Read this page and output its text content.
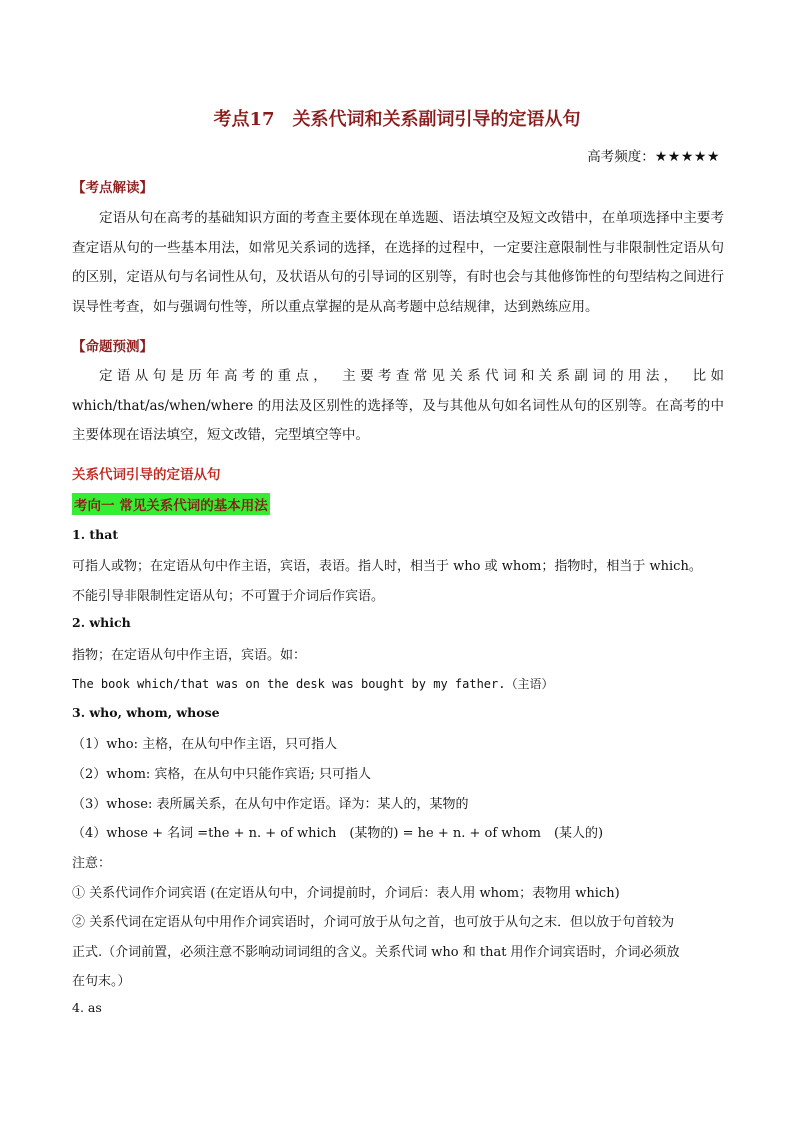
考点17　关系代词和关系副词引导的定语从句
高考频度：★★★★★
【考点解读】

定语从句在高考的基础知识方面的考查主要体现在单选题、语法填空及短文改错中，在单项选择中主要考查定语从句的一些基本用法，如常见关系词的选择，在选择的过程中，一定要注意限制性与非限制性定语从句的区别，定语从句与名词性从句，及状语从句的引导词的区别等，有时也会与其他修饰性的句型结构之间进行误导性考查，如与强调句性等，所以重点掌握的是从高考题中总结规律，达到熟练应用。

【命题预测】

定语从句是历年高考的重点，　主要考查常见关系代词和关系副词的用法，　比如 which/that/as/when/where 的用法及区别性的选择等，及与其他从句如名词性从句的区别等。在高考的中主要体现在语法填空，短文改错，完型填空等中。

关系代词引导的定语从句
考向一 常见关系代词的基本用法
1. that

可指人或物；在定语从句中作主语，宾语，表语。指人时，相当于 who 或 whom；指物时，相当于 which。

不能引导非限制性定语从句；不可置于介词后作宾语。

2. which

指物；在定语从句中作主语，宾语。如：

The book which/that was on the desk was bought by my father.（主语）

3. who, whom, whose

（1）who: 主格，在从句中作主语，只可指人

（2）whom: 宾格，在从句中只能作宾语; 只可指人

（3）whose: 表所属关系，在从句中作定语。译为：某人的，某物的

（4）whose + 名词 =the + n. + of which　(某物的) = he + n. + of whom　(某人的)

注意：

① 关系代词作介词宾语 (在定语从句中，介词提前时，介词后：表人用 whom；表物用 which)

② 关系代词在定语从句中用作介词宾语时，介词可放于从句之首，也可放于从句之末．但以放于句首较为

正式.（介词前置，必须注意不影响动词词组的含义。关系代词 who 和 that 用作介词宾语时，介词必须放

在句末。）

4. as
